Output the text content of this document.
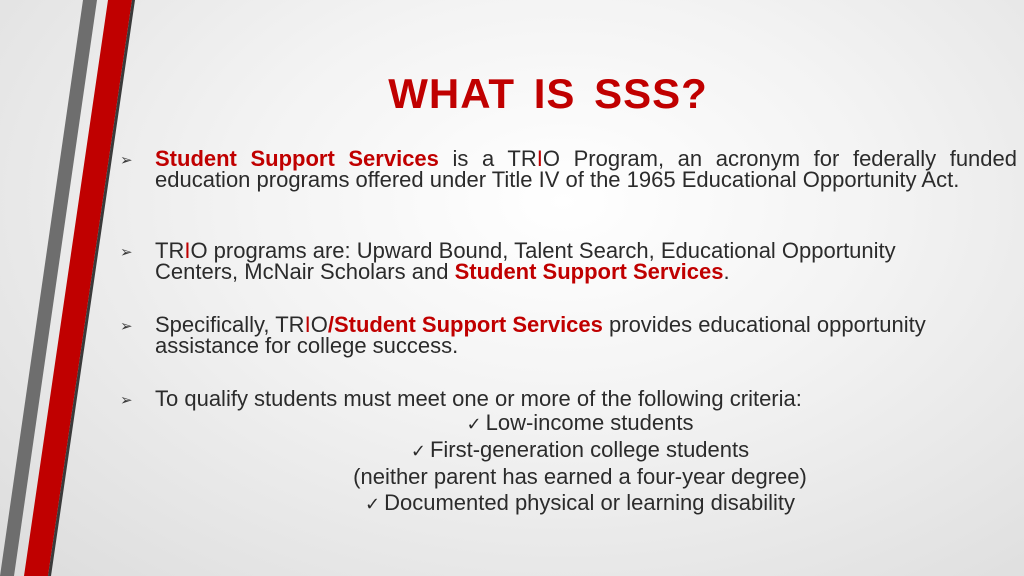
WHAT IS SSS?
➢ Student Support Services is a TRIO Program, an acronym for federally funded education programs offered under Title IV of the 1965 Educational Opportunity Act.
➢ TRIO programs are: Upward Bound, Talent Search, Educational Opportunity Centers, McNair Scholars and Student Support Services.
➢ Specifically, TRIO/Student Support Services provides educational opportunity assistance for college success.
➢ To qualify students must meet one or more of the following criteria:
✓ Low-income students
✓ First-generation college students
(neither parent has earned a four-year degree)
✓ Documented physical or learning disability
